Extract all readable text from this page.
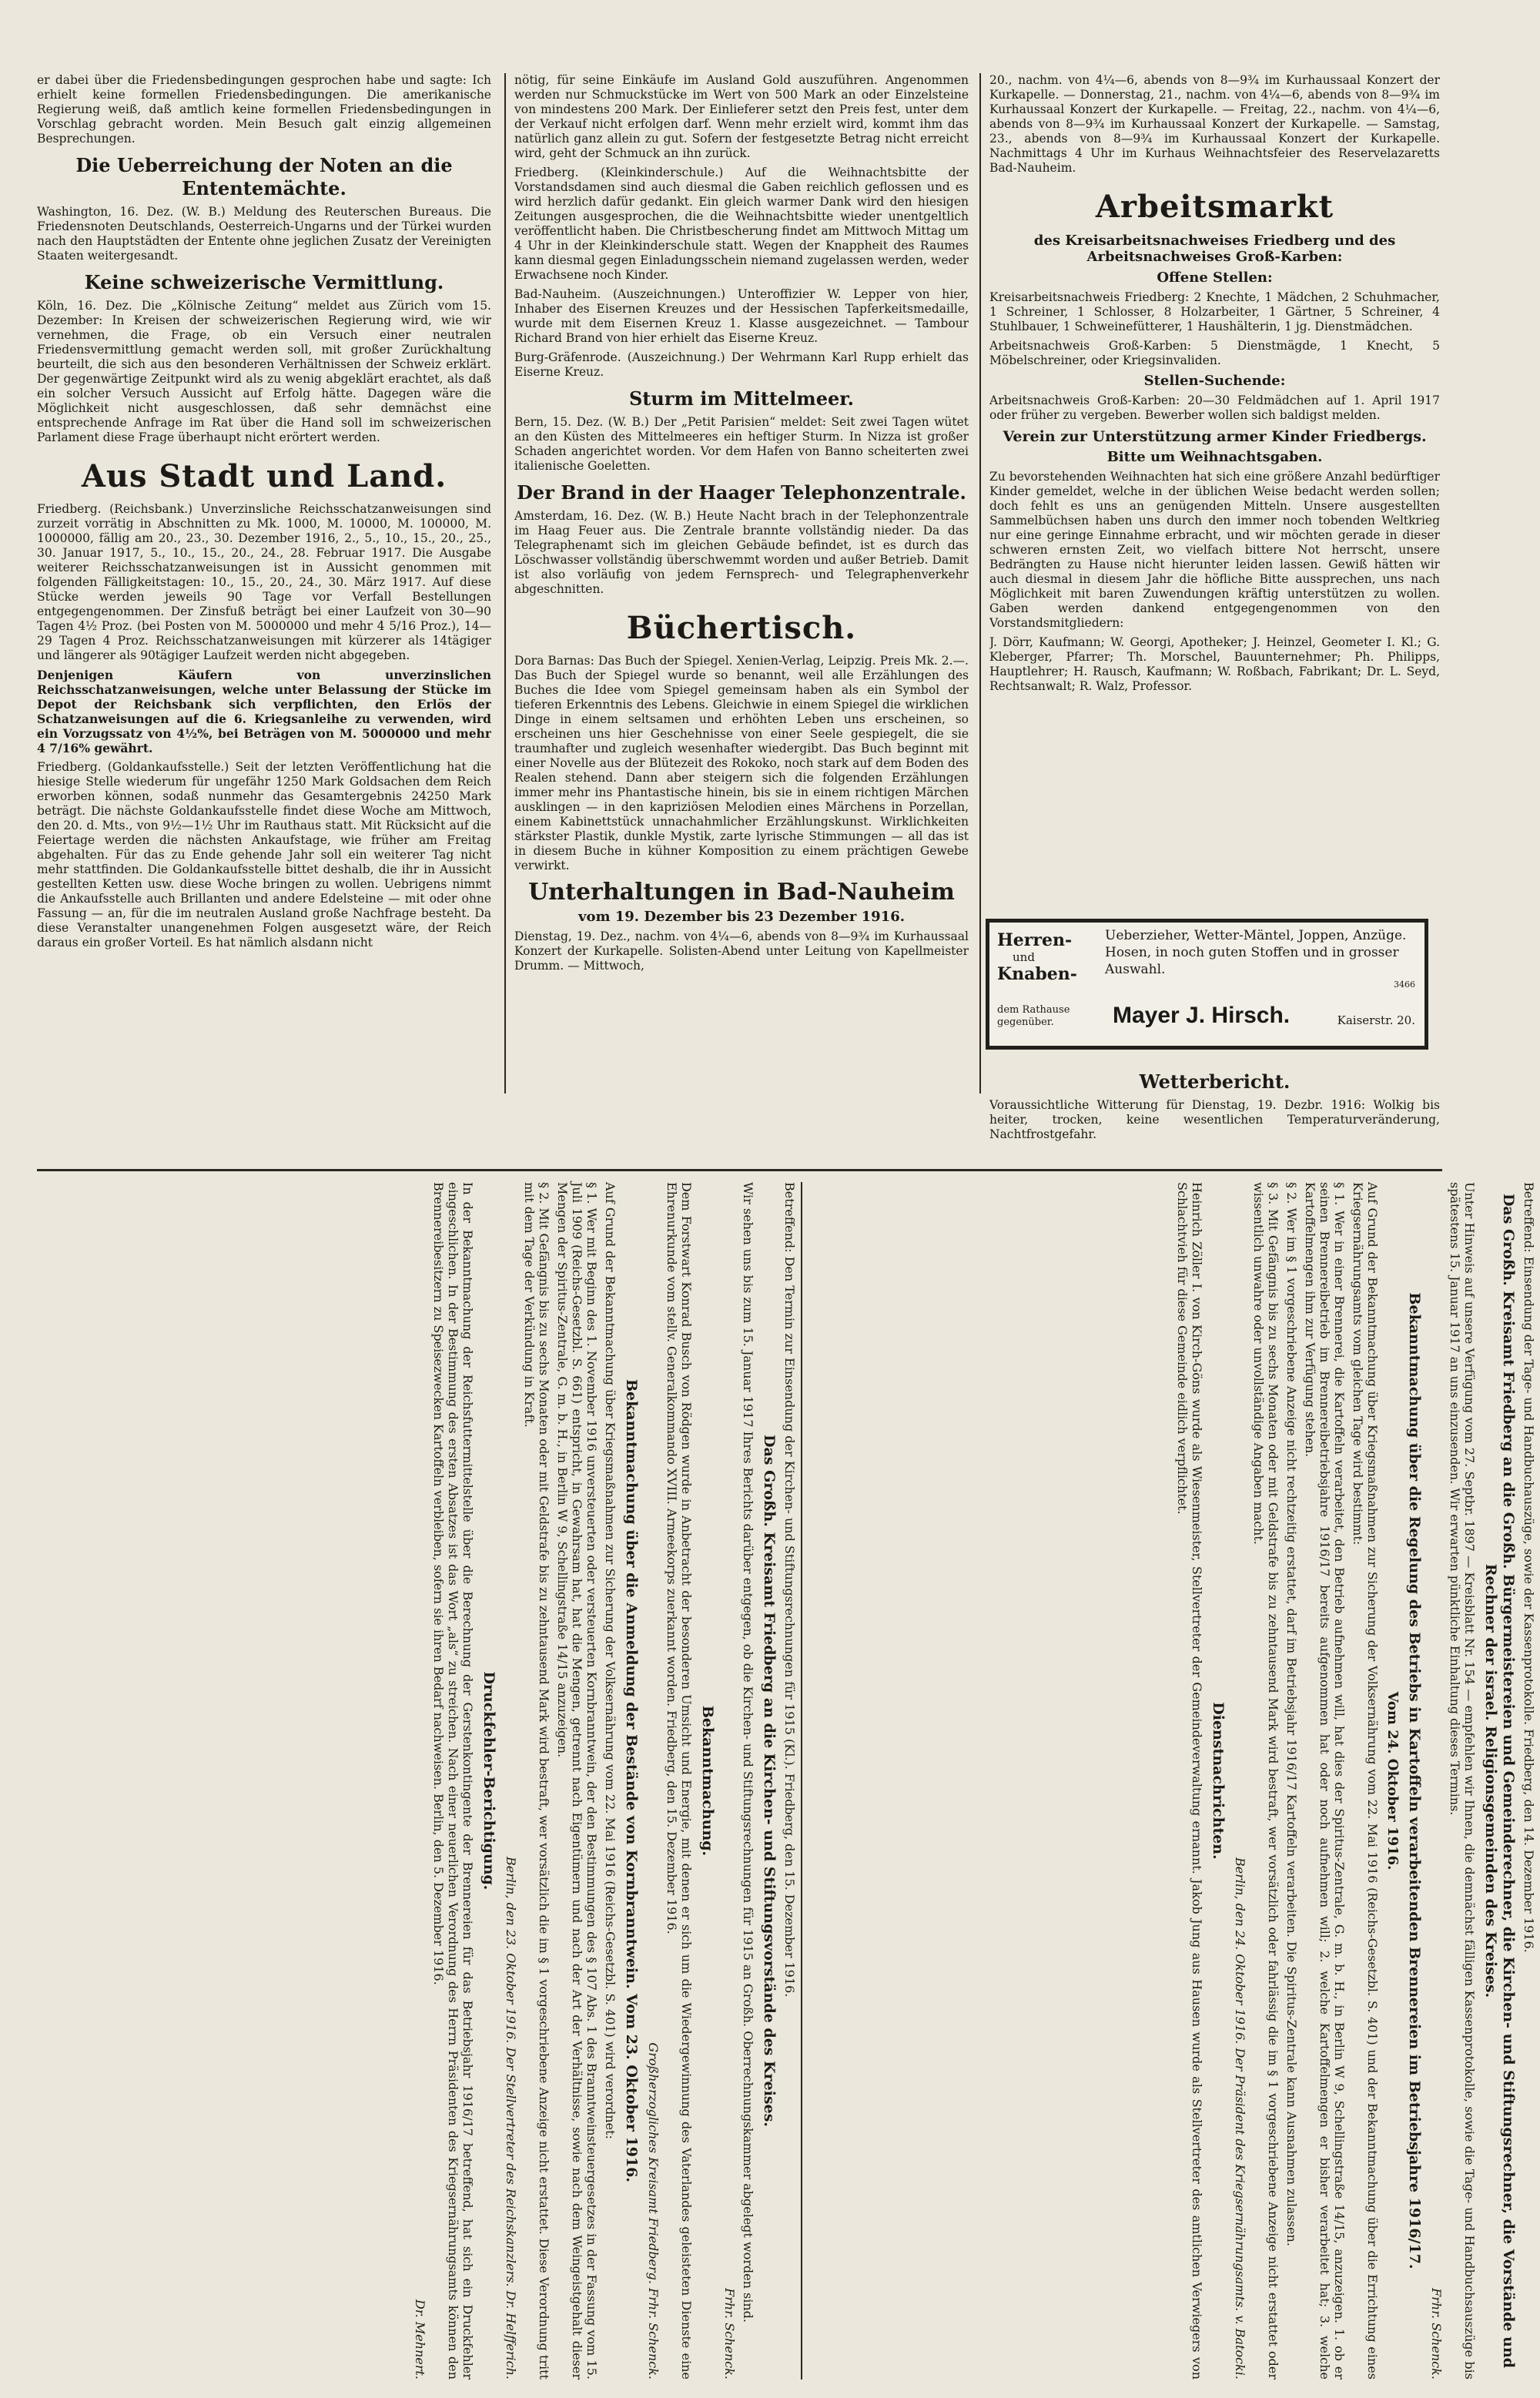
er dabei über die Friedensbedingungen gesprochen habe und sagte: Ich erhielt keine formellen Friedensbedingungen. Die amerikanische Regierung weiß, daß amtlich keine formellen Friedensbedingungen in Vorschlag gebracht worden. Mein Besuch galt einzig allgemeinen Besprechungen.

Die Ueberreichung der Noten an die Ententemächte.

Washington, 16. Dez. (W. B.) Meldung des Reuterschen Bureaus. Die Friedensnoten Deutschlands, Oesterreich-Ungarns und der Türkei wurden nach den Hauptstädten der Entente ohne jeglichen Zusatz der Vereinigten Staaten weitergesandt.

Keine schweizerische Vermittlung.

Köln, 16. Dez. Die „Kölnische Zeitung“ meldet aus Zürich vom 15. Dezember: In Kreisen der schweizerischen Regierung wird, wie wir vernehmen, die Frage, ob ein Versuch einer neutralen Friedensvermittlung gemacht werden soll, mit großer Zurückhaltung beurteilt, die sich aus den besonderen Verhältnissen der Schweiz erklärt. Der gegenwärtige Zeitpunkt wird als zu wenig abgeklärt erachtet, als daß ein solcher Versuch Aussicht auf Erfolg hätte. Dagegen wäre die Möglichkeit nicht ausgeschlossen, daß sehr demnächst eine entsprechende Anfrage im Rat über die Hand soll im schweizerischen Parlament diese Frage überhaupt nicht erörtert werden.

Aus Stadt und Land.

Friedberg. (Reichsbank.) Unverzinsliche Reichsschatzanweisungen sind zurzeit vorrätig in Abschnitten zu Mk. 1000, M. 10000, M. 100000, M. 1000000, fällig am 20., 23., 30. Dezember 1916, 2., 5., 10., 15., 20., 25., 30. Januar 1917, 5., 10., 15., 20., 24., 28. Februar 1917. Die Ausgabe weiterer Reichsschatzanweisungen ist in Aussicht genommen mit folgenden Fälligkeitstagen: 10., 15., 20., 24., 30. März 1917. Auf diese Stücke werden jeweils 90 Tage vor Verfall Bestellungen entgegengenommen. Der Zinsfuß beträgt bei einer Laufzeit von 30—90 Tagen 4½ Proz. (bei Posten von M. 5000000 und mehr 4 5/16 Proz.), 14—29 Tagen 4 Proz. Reichsschatzanweisungen mit kürzerer als 14tägiger und längerer als 90tägiger Laufzeit werden nicht abgegeben.

Denjenigen Käufern von unverzinslichen Reichsschatzanweisungen, welche unter Belassung der Stücke im Depot der Reichsbank sich verpflichten, den Erlös der Schatzanweisungen auf die 6. Kriegsanleihe zu verwenden, wird ein Vorzugssatz von 4½%, bei Beträgen von M. 5000000 und mehr 4 7/16% gewährt.

Friedberg. (Goldankaufsstelle.) Seit der letzten Veröffentlichung hat die hiesige Stelle wiederum für ungefähr 1250 Mark Goldsachen dem Reich erworben können, sodaß nunmehr das Gesamtergebnis 24250 Mark beträgt. Die nächste Goldankaufsstelle findet diese Woche am Mittwoch, den 20. d. Mts., von 9½—1½ Uhr im Rauthaus statt. Mit Rücksicht auf die Feiertage werden die nächsten Ankaufstage, wie früher am Freitag abgehalten. Für das zu Ende gehende Jahr soll ein weiterer Tag nicht mehr stattfinden. Die Goldankaufsstelle bittet deshalb, die ihr in Aussicht gestellten Ketten usw. diese Woche bringen zu wollen. Uebrigens nimmt die Ankaufsstelle auch Brillanten und andere Edelsteine — mit oder ohne Fassung — an, für die im neutralen Ausland große Nachfrage besteht. Da diese Veranstalter unangenehmen Folgen ausgesetzt wäre, der Reich daraus ein großer Vorteil. Es hat nämlich alsdann nicht

nötig, für seine Einkäufe im Ausland Gold auszuführen. Angenommen werden nur Schmuckstücke im Wert von 500 Mark an oder Einzelsteine von mindestens 200 Mark. Der Einlieferer setzt den Preis fest, unter dem der Verkauf nicht erfolgen darf. Wenn mehr erzielt wird, kommt ihm das natürlich ganz allein zu gut. Sofern der festgesetzte Betrag nicht erreicht wird, geht der Schmuck an ihn zurück.

Friedberg. (Kleinkinderschule.) Auf die Weihnachtsbitte der Vorstandsdamen sind auch diesmal die Gaben reichlich geflossen und es wird herzlich dafür gedankt. Ein gleich warmer Dank wird den hiesigen Zeitungen ausgesprochen, die die Weihnachtsbitte wieder unentgeltlich veröffentlicht haben. Die Christbescherung findet am Mittwoch Mittag um 4 Uhr in der Kleinkinderschule statt. Wegen der Knappheit des Raumes kann diesmal gegen Einladungsschein niemand zugelassen werden, weder Erwachsene noch Kinder.

Bad-Nauheim. (Auszeichnungen.) Unteroffizier W. Lepper von hier, Inhaber des Eisernen Kreuzes und der Hessischen Tapferkeitsmedaille, wurde mit dem Eisernen Kreuz 1. Klasse ausgezeichnet. — Tambour Richard Brand von hier erhielt das Eiserne Kreuz.

Burg-Gräfenrode. (Auszeichnung.) Der Wehrmann Karl Rupp erhielt das Eiserne Kreuz.

Sturm im Mittelmeer.

Bern, 15. Dez. (W. B.) Der „Petit Parisien“ meldet: Seit zwei Tagen wütet an den Küsten des Mittelmeeres ein heftiger Sturm. In Nizza ist großer Schaden angerichtet worden. Vor dem Hafen von Banno scheiterten zwei italienische Goeletten.

Der Brand in der Haager Telephonzentrale.

Amsterdam, 16. Dez. (W. B.) Heute Nacht brach in der Telephonzentrale im Haag Feuer aus. Die Zentrale brannte vollständig nieder. Da das Telegraphenamt sich im gleichen Gebäude befindet, ist es durch das Löschwasser vollständig überschwemmt worden und außer Betrieb. Damit ist also vorläufig von jedem Fernsprech- und Telegraphenverkehr abgeschnitten.

Büchertisch.

Dora Barnas: Das Buch der Spiegel. Xenien-Verlag, Leipzig. Preis Mk. 2.—. Das Buch der Spiegel wurde so benannt, weil alle Erzählungen des Buches die Idee vom Spiegel gemeinsam haben als ein Symbol der tieferen Erkenntnis des Lebens. Gleichwie in einem Spiegel die wirklichen Dinge in einem seltsamen und erhöhten Leben uns erscheinen, so erscheinen uns hier Geschehnisse von einer Seele gespiegelt, die sie traumhafter und zugleich wesenhafter wiedergibt. Das Buch beginnt mit einer Novelle aus der Blütezeit des Rokoko, noch stark auf dem Boden des Realen stehend. Dann aber steigern sich die folgenden Erzählungen immer mehr ins Phantastische hinein, bis sie in einem richtigen Märchen ausklingen — in den kapriziösen Melodien eines Märchens in Porzellan, einem Kabinettstück unnachahmlicher Erzählungskunst. Wirklichkeiten stärkster Plastik, dunkle Mystik, zarte lyrische Stimmungen — all das ist in diesem Buche in kühner Komposition zu einem prächtigen Gewebe verwirkt.

Unterhaltungen in Bad-Nauheim
vom 19. Dezember bis 23 Dezember 1916.

Dienstag, 19. Dez., nachm. von 4¼—6, abends von 8—9¾ im Kurhaussaal Konzert der Kurkapelle. Solisten-Abend unter Leitung von Kapellmeister Drumm. — Mittwoch,

20., nachm. von 4¼—6, abends von 8—9¾ im Kurhaussaal Konzert der Kurkapelle. — Donnerstag, 21., nachm. von 4¼—6, abends von 8—9¾ im Kurhaussaal Konzert der Kurkapelle. — Freitag, 22., nachm. von 4¼—6, abends von 8—9¾ im Kurhaussaal Konzert der Kurkapelle. — Samstag, 23., abends von 8—9¾ im Kurhaussaal Konzert der Kurkapelle. Nachmittags 4 Uhr im Kurhaus Weihnachtsfeier des Reservelazaretts Bad-Nauheim.

Arbeitsmarkt
des Kreisarbeitsnachweises Friedberg und des Arbeitsnachweises Groß-Karben:
Offene Stellen:

Kreisarbeitsnachweis Friedberg: 2 Knechte, 1 Mädchen, 2 Schuhmacher, 1 Schreiner, 1 Schlosser, 8 Holzarbeiter, 1 Gärtner, 5 Schreiner, 4 Stuhlbauer, 1 Schweinefütterer, 1 Haushälterin, 1 jg. Dienstmädchen.

Arbeitsnachweis Groß-Karben: 5 Dienstmägde, 1 Knecht, 5 Möbelschreiner, oder Kriegsinvaliden.

Stellen-Suchende:

Arbeitsnachweis Groß-Karben: 20—30 Feldmädchen auf 1. April 1917 oder früher zu vergeben. Bewerber wollen sich baldigst melden.

Verein zur Unterstützung armer Kinder Friedbergs.
Bitte um Weihnachtsgaben.

Zu bevorstehenden Weihnachten hat sich eine größere Anzahl bedürftiger Kinder gemeldet, welche in der üblichen Weise bedacht werden sollen; doch fehlt es uns an genügenden Mitteln. Unsere ausgestellten Sammelbüchsen haben uns durch den immer noch tobenden Weltkrieg nur eine geringe Einnahme erbracht, und wir möchten gerade in dieser schweren ernsten Zeit, wo vielfach bittere Not herrscht, unsere Bedrängten zu Hause nicht hierunter leiden lassen. Gewiß hätten wir auch diesmal in diesem Jahr die höfliche Bitte aussprechen, uns nach Möglichkeit mit baren Zuwendungen kräftig unterstützen zu wollen. Gaben werden dankend entgegengenommen von den Vorstandsmitgliedern:

J. Dörr, Kaufmann; W. Georgi, Apotheker; J. Heinzel, Geometer I. Kl.; G. Kleberger, Pfarrer; Th. Morschel, Bauunternehmer; Ph. Philipps, Hauptlehrer; H. Rausch, Kaufmann; W. Roßbach, Fabrikant; Dr. L. Seyd, Rechtsanwalt; R. Walz, Professor.

Herren-
und
Knaben-
Ueberzieher, Wetter-Mäntel, Joppen, Anzüge. Hosen, in noch guten Stoffen und in grosser Auswahl.
3466
dem Rathause gegenüber.	Mayer J. Hirsch.	Kaiserstr. 20.
Wetterbericht.

Voraussichtliche Witterung für Dienstag, 19. Dezbr. 1916: Wolkig bis heiter, trocken, keine wesentlichen Temperaturveränderung, Nachtfrostgefahr.

Betreffend: Den Termin zur Einsendung der Kirchen- und Stiftungsrechnungen für 1915 (Kl.). Friedberg, den 15. Dezember 1916.

Das Großh. Kreisamt Friedberg an die Kirchen- und Stiftungsvorstände des Kreises.

Wir sehen uns bis zum 15. Januar 1917 Ihres Berichts darüber entgegen, ob die Kirchen- und Stiftungsrechnungen für 1915 an Großh. Oberrechnungskammer abgelegt worden sind.

Frhr. Schenck.
Bekanntmachung.

Dem Forstwart Konrad Busch von Rödgen wurde in Anbetracht der besonderen Umsicht und Energie, mit denen er sich um die Wiedergewinnung des Vaterlandes geleisteten Dienste eine Ehrenurkunde vom stellv. Generalkommando XVIII. Armeekorps zuerkannt worden. Friedberg, den 15. Dezember 1916.

Großherzogliches Kreisamt Friedberg. Frhr. Schenck.
Bekanntmachung über die Anmeldung der Bestände von Kornbranntwein. Vom 23. Oktober 1916.

Auf Grund der Bekanntmachung über Kriegsmaßnahmen zur Sicherung der Volksernährung vom 22. Mai 1916 (Reichs-Gesetzbl. S. 401) wird verordnet:

§ 1. Wer mit Beginn des 1. November 1916 unversteuerten oder versteuerten Kornbranntwein, der den Bestimmungen des § 107 Abs. 1 des Branntweinsteuergesetzes in der Fassung vom 15. Juli 1909 (Reichs-Gesetzbl. S. 661) entspricht, in Gewahrsam hat, hat die Mengen, getrennt nach Eigentümern und nach der Art der Verhältnisse, sowie nach dem Weingeistgehalt dieser Mengen der Spiritus-Zentrale, G. m. b. H., in Berlin W 9, Schellingstraße 14/15 anzuzeigen.

§ 2. Mit Gefängnis bis zu sechs Monaten oder mit Geldstrafe bis zu zehntausend Mark wird bestraft, wer vorsätzlich die im § 1 vorgeschriebene Anzeige nicht erstattet. Diese Verordnung tritt mit dem Tage der Verkündung in Kraft.

Berlin, den 23. Oktober 1916. Der Stellvertreter des Reichskanzlers. Dr. Helfferich.
Druckfehler-Berichtigung.

In der Bekanntmachung der Reichsfuttermittelstelle über die Berechnung der Gerstenkontingente der Brennereien für das Betriebsjahr 1916/17 betreffend, hat sich ein Druckfehler eingeschlichen. In der Bestimmung des ersten Absatzes ist das Wort „als“ zu streichen. Nach einer neuerlichen Verordnung des Herrn Präsidenten des Kriegsernährungsamts können den Brennereibesitzern zu Speisezwecken Kartoffeln verbleiben, sofern sie ihren Bedarf nachweisen. Berlin, den 5. Dezember 1916.

Dr. Mehnert.

Betreffend: Einsendung der Tage- und Handbuchauszüge, sowie der Kassenprotokolle. Friedberg, den 14. Dezember 1916.

Das Großh. Kreisamt Friedberg an die Großh. Bürgermeistereien und Gemeinderechner, die Kirchen- und Stiftungsrechner, die Vorstände und Rechner der israel. Religionsgemeinden des Kreises.

Unter Hinweis auf unsere Verfügung vom 27. Septbr. 1897 — Kreisblatt Nr. 154 — empfehlen wir Ihnen, die demnächst fälligen Kassenprotokolle, sowie die Tage- und Handbuchsauszüge bis spätestens 15. Januar 1917 an uns einzusenden. Wir erwarten pünktliche Einhaltung dieses Termins.

Frhr. Schenck.
Bekanntmachung über die Regelung des Betriebs in Kartoffeln verarbeitenden Brennereien im Betriebsjahre 1916/17.
Vom 24. Oktober 1916.

Auf Grund der Bekanntmachung über Kriegsmaßnahmen zur Sicherung der Volksernährung vom 22. Mai 1916 (Reichs-Gesetzbl. S. 401) und der Bekanntmachung über die Errichtung eines Kriegsernährungsamts vom gleichen Tage wird bestimmt:

§ 1. Wer in einer Brennerei, die Kartoffeln verarbeitet, den Betrieb aufnehmen will, hat dies der Spiritus-Zentrale, G. m. b. H., in Berlin W 9, Schellingstraße 14/15, anzuzeigen. 1. ob er seinen Brennereibetrieb im Brennereibetriebsjahre 1916/17 bereits aufgenommen hat oder noch aufnehmen will; 2. welche Kartoffelmengen er bisher verarbeitet hat; 3. welche Kartoffelmengen ihm zur Verfügung stehen.

§ 2. Wer im § 1 vorgeschriebene Anzeige nicht rechtzeitig erstattet, darf im Betriebsjahr 1916/17 Kartoffeln verarbeiten. Die Spiritus-Zentrale kann Ausnahmen zulassen.

§ 3. Mit Gefängnis bis zu sechs Monaten oder mit Geldstrafe bis zu zehntausend Mark wird bestraft, wer vorsätzlich oder fahrlässig die im § 1 vorgeschriebene Anzeige nicht erstattet oder wissentlich unwahre oder unvollständige Angaben macht.

Berlin, den 24. Oktober 1916. Der Präsident des Kriegsernährungsamts. v. Batocki.
Dienstnachrichten.

Heinrich Zöller I. von Kirch-Göns wurde als Wiesenmeister, Stellvertreter der Gemeindeverwaltung ernannt. Jakob Jung aus Hausen wurde als Stellvertreter des amtlichen Verwiegers von Schlachtvieh für diese Gemeinde eidlich verpflichtet.
